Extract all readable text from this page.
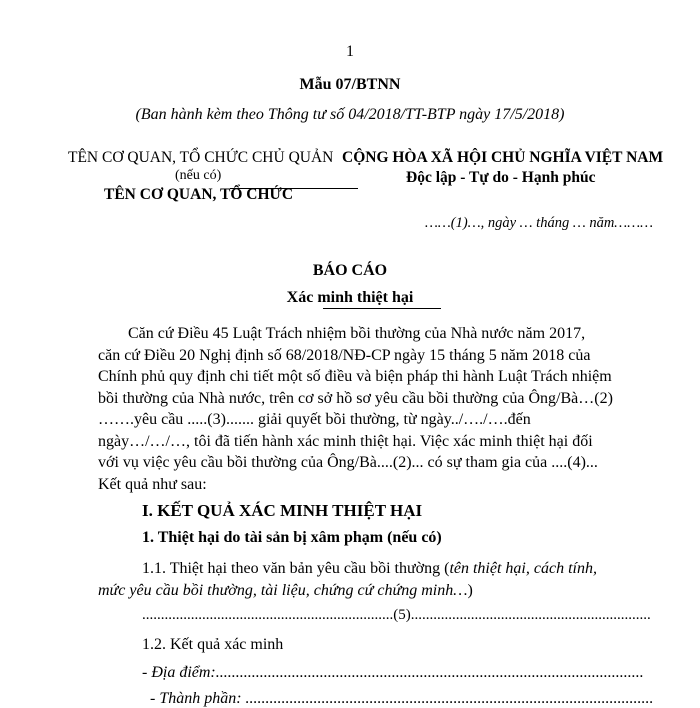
1
Mẫu 07/BTNN
(Ban hành kèm theo Thông tư số 04/2018/TT-BTP ngày 17/5/2018)
TÊN CƠ QUAN, TỔ CHỨC CHỦ QUẢN
(nếu có)
TÊN CƠ QUAN, TỔ CHỨC
CỘNG HÒA XÃ HỘI CHỦ NGHĨA VIỆT NAM
Độc lập - Tự do - Hạnh phúc
……(1)…, ngày … tháng … năm………
BÁO CÁO
Xác minh thiệt hại

Căn cứ Điều 45 Luật Trách nhiệm bồi thường của Nhà nước năm 2017,

căn cứ Điều 20 Nghị định số 68/2018/NĐ-CP ngày 15 tháng 5 năm 2018 của

Chính phủ quy định chi tiết một số điều và biện pháp thi hành Luật Trách nhiệm

bồi thường của Nhà nước, trên cơ sở hồ sơ yêu cầu bồi thường của Ông/Bà…(2)

…….yêu cầu .....(3)....... giải quyết bồi thường, từ ngày../…./….đến

ngày…/…/…, tôi đã tiến hành xác minh thiệt hại. Việc xác minh thiệt hại đối

với vụ việc yêu cầu bồi thường của Ông/Bà....(2)... có sự tham gia của ....(4)...

Kết quả như sau:

I. KẾT QUẢ XÁC MINH THIỆT HẠI
1. Thiệt hại do tài sản bị xâm phạm (nếu có)

1.1. Thiệt hại theo văn bản yêu cầu bồi thường (tên thiệt hại, cách tính,

mức yêu cầu bồi thường, tài liệu, chứng cứ chứng minh…)

...................................................................(5)................................................................
1.2. Kết quả xác minh
- Địa điểm:...........................................................................................................
- Thành phần: ......................................................................................................
